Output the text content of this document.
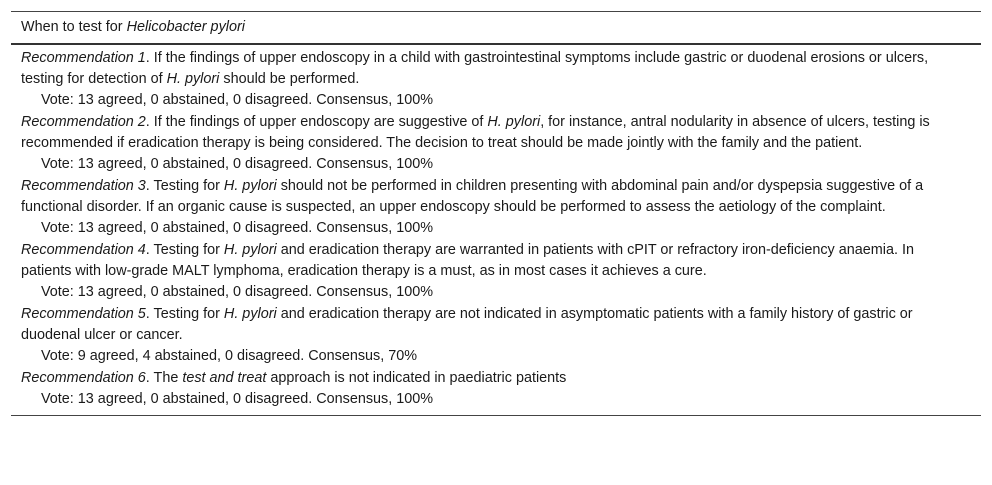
When to test for Helicobacter pylori
Recommendation 1. If the findings of upper endoscopy in a child with gastrointestinal symptoms include gastric or duodenal erosions or ulcers, testing for detection of H. pylori should be performed.
Vote: 13 agreed, 0 abstained, 0 disagreed. Consensus, 100%
Recommendation 2. If the findings of upper endoscopy are suggestive of H. pylori, for instance, antral nodularity in absence of ulcers, testing is recommended if eradication therapy is being considered. The decision to treat should be made jointly with the family and the patient.
Vote: 13 agreed, 0 abstained, 0 disagreed. Consensus, 100%
Recommendation 3. Testing for H. pylori should not be performed in children presenting with abdominal pain and/or dyspepsia suggestive of a functional disorder. If an organic cause is suspected, an upper endoscopy should be performed to assess the aetiology of the complaint.
Vote: 13 agreed, 0 abstained, 0 disagreed. Consensus, 100%
Recommendation 4. Testing for H. pylori and eradication therapy are warranted in patients with cPIT or refractory iron-deficiency anaemia. In patients with low-grade MALT lymphoma, eradication therapy is a must, as in most cases it achieves a cure.
Vote: 13 agreed, 0 abstained, 0 disagreed. Consensus, 100%
Recommendation 5. Testing for H. pylori and eradication therapy are not indicated in asymptomatic patients with a family history of gastric or duodenal ulcer or cancer.
Vote: 9 agreed, 4 abstained, 0 disagreed. Consensus, 70%
Recommendation 6. The test and treat approach is not indicated in paediatric patients
Vote: 13 agreed, 0 abstained, 0 disagreed. Consensus, 100%
